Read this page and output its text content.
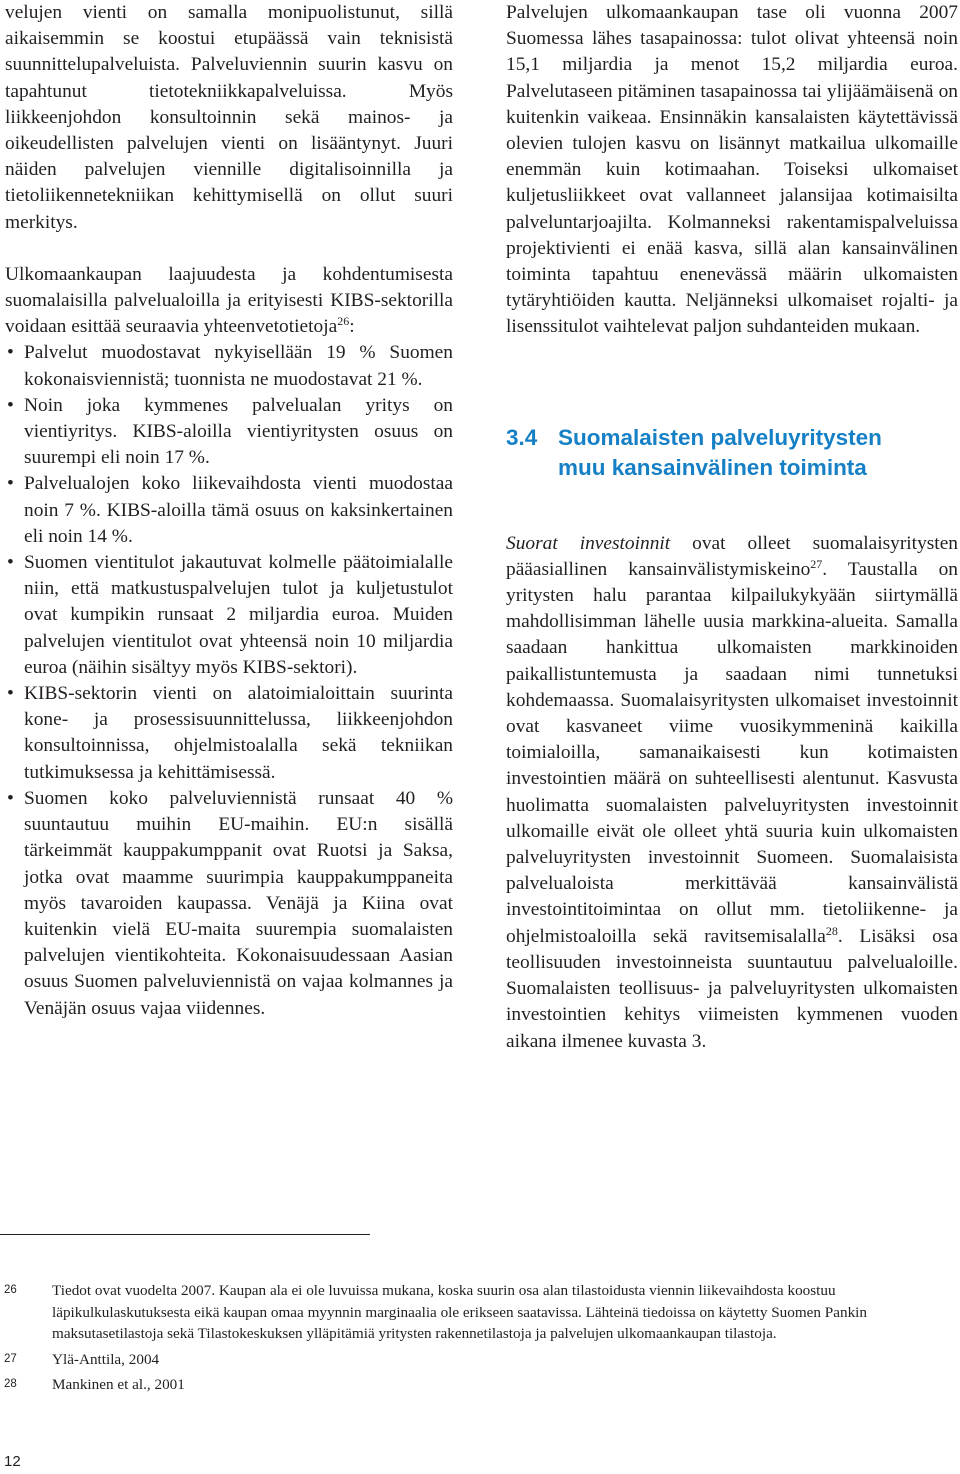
velujen vienti on samalla monipuolistunut, sillä aikaisemmin se koostui etupäässä vain teknisistä suunnittelupalveluista. Palveluviennin suurin kasvu on tapahtunut tietotekniikkapalveluissa. Myös liikkeenjohdon konsultoinnin sekä mainos- ja oikeudellisten palvelujen vienti on lisääntynyt. Juuri näiden palvelujen viennille digitalisoinnilla ja tietoliikennetekniikan kehittymisellä on ollut suuri merkitys.

Ulkomaankaupan laajuudesta ja kohdentumisesta suomalaisilla palvelualoilla ja erityisesti KIBS-sektorilla voidaan esittää seuraavia yhteenvetotietoja$^{26}$:

• Palvelut muodostavat nykyisellään 19 % Suomen kokonaisviennistä; tuonnista ne muodostavat 21 %.
• Noin joka kymmenes palvelualan yritys on vientiyritys. KIBS-aloilla vientiyritysten osuus on suurempi eli noin 17 %.
• Palvelualojen koko liikevaihdosta vienti muodostaa noin 7 %. KIBS-aloilla tämä osuus on kaksinkertainen eli noin 14 %.
• Suomen vientitulot jakautuvat kolmelle päätoimialalle niin, että matkustuspalvelujen tulot ja kuljetustulot ovat kumpikin runsaat 2 miljardia euroa. Muiden palvelujen vientitulot ovat yhteensä noin 10 miljardia euroa (näihin sisältyy myös KIBS-sektori).
• KIBS-sektorin vienti on alatoimialoittain suurinta kone- ja prosessisuunnittelussa, liikkeenjohdon konsultoinnissa, ohjelmistoalalla sekä tekniikan tutkimuksessa ja kehittämisessä.
• Suomen koko palveluviennistä runsaat 40 % suuntautuu muihin EU-maihin. EU:n sisällä tärkeimmät kauppakumppanit ovat Ruotsi ja Saksa, jotka ovat maamme suurimpia kauppakumppaneita myös tavaroiden kaupassa. Venäjä ja Kiina ovat kuitenkin vielä EU-maita suurempia suomalaisten palvelujen vientikohteita. Kokonaisuudessaan Aasian osuus Suomen palveluviennistä on vajaa kolmannes ja Venäjän osuus vajaa viidennes.

Palvelujen ulkomaankaupan tase oli vuonna 2007 Suomessa lähes tasapainossa: tulot olivat yhteensä noin 15,1 miljardia ja menot 15,2 miljardia euroa. Palvelutaseen pitäminen tasapainossa tai ylijäämäisenä on kuitenkin vaikeaa. Ensinnäkin kansalaisten käytettävissä olevien tulojen kasvu on lisännyt matkailua ulkomaille enemmän kuin kotimaahan. Toiseksi ulkomaiset kuljetusliikkeet ovat vallanneet jalansijaa kotimaisilta palveluntarjoajilta. Kolmanneksi rakentamispalveluissa projektivienti ei enää kasva, sillä alan kansainvälinen toiminta tapahtuu enenevässä määrin ulkomaisten tytäryhtiöiden kautta. Neljänneksi ulkomaiset rojalti- ja lisenssitulot vaihtelevat paljon suhdanteiden mukaan.

3.4 Suomalaisten palveluyritysten
muu kansainvälinen toiminta

Suorat investoinnit ovat olleet suomalaisyritysten pääasiallinen kansainvälistymiskeino$^{27}$. Taustalla on yritysten halu parantaa kilpailukykyään siirtymällä mahdollisimman lähelle uusia markkina-alueita. Samalla saadaan hankittua ulkomaisten markkinoiden paikallistuntemusta ja saadaan nimi tunnetuksi kohdemaassa. Suomalaisyritysten ulkomaiset investoinnit ovat kasvaneet viime vuosikymmeninä kaikilla toimialoilla, samanaikaisesti kun kotimaisten investointien määrä on suhteellisesti alentunut. Kasvusta huolimatta suomalaisten palveluyritysten investoinnit ulkomaille eivät ole olleet yhtä suuria kuin ulkomaisten palveluyritysten investoinnit Suomeen. Suomalaisista palvelualoista merkittävää kansainvälistä investointitoimintaa on ollut mm. tietoliikenne- ja ohjelmistoaloilla sekä ravitsemisalalla$^{28}$. Lisäksi osa teollisuuden investoinneista suuntautuu palvelualoille. Suomalaisten teollisuus- ja palveluyritysten ulkomaisten investointien kehitys viimeisten kymmenen vuoden aikana ilmenee kuvasta 3.

26 Tiedot ovat vuodelta 2007. Kaupan ala ei ole luvuissa mukana, koska suurin osa alan tilastoidusta viennin liikevaihdosta koostuu läpikulkulaskutuksesta eikä kaupan omaa myynnin marginaalia ole erikseen saatavissa. Lähteinä tiedoissa on käytetty Suomen Pankin maksutasetilastoja sekä Tilastokeskuksen ylläpitämiä yritysten rakennetilastoja ja palvelujen ulkomaankaupan tilastoja.
27 Ylä-Anttila, 2004
28 Mankinen et al., 2001
12
